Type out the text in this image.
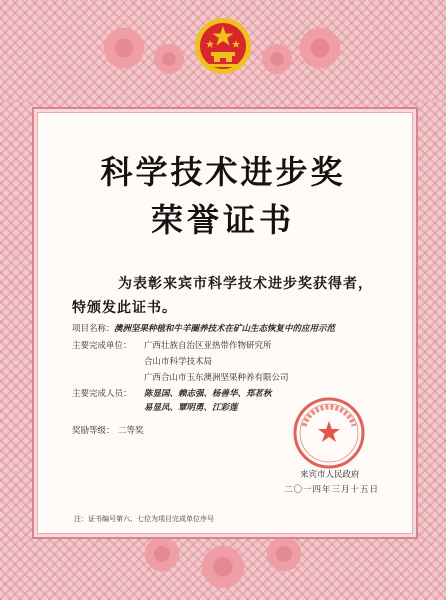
科学技术进步奖
荣誉证书
为表彰来宾市科学技术进步奖获得者，
特颁发此证书。
项目名称： 澳洲坚果种植和牛羊圈养技术在矿山生态恢复中的应用示范
主要完成单位： 广西壮族自治区亚热带作物研究所
合山市科学技术局
广西合山市玉东澳洲坚果种养有限公司
主要完成人员： 陈显国、赖志强、杨善华、郑茗秋
易显凤、覃明勇、江彩莲
奖励等级： 二等奖
来宾市人民政府
二〇一四年三月十五日
注：证书编号第六、七位为项目完成单位序号
